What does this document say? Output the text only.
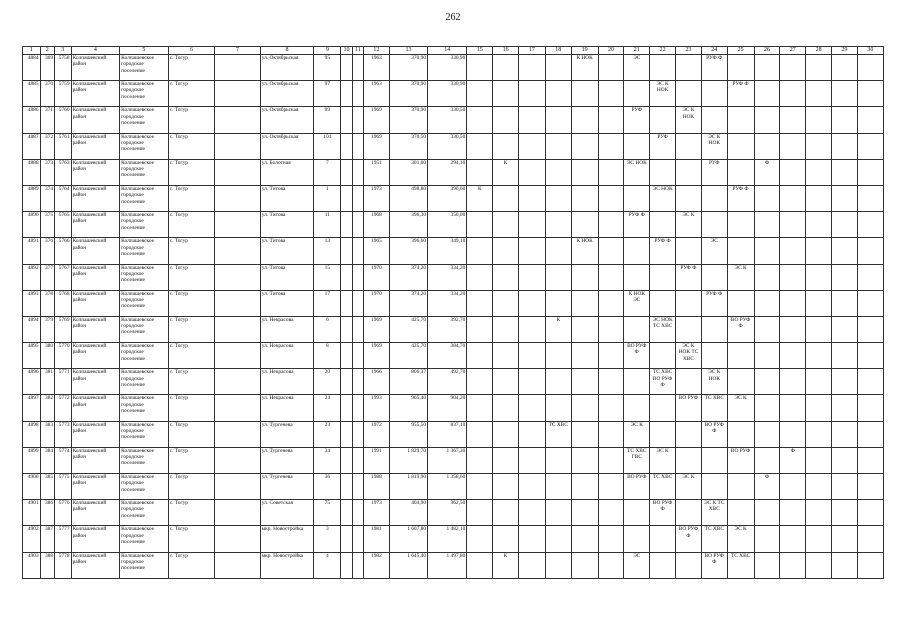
262
1	2	3	4	5	6	7	8	9	10	11	12	13	14	15	16	17	18	19	20	21	22	23	24	25	26	27	28	29	30
4884	369	5758	Колпашевский район	Колпашевское городское поселение	с. Тогур		ул. Октябрьская	95			1963	370,90	330,90					К НОК		ЭС			РУФ Ф						
4885	370	5759	Колпашевский район	Колпашевское городское поселение	с. Тогур		ул. Октябрьская	97			1963	370,90	330,90								ЭС К НОК			РУФ Ф					
4886	371	5760	Колпашевский район	Колпашевское городское поселение	с. Тогур		ул. Октябрьская	99			1969	370,90	330,50							РУФ		ЭС К НОК							
4887	372	5761	Колпашевский район	Колпашевское городское поселение	с. Тогур		ул. Октябрьская	101			1969	370,50	330,50								РУФ		ЭС К НОК						
4888	373	5763	Колпашевский район	Колпашевское городское поселение	с. Тогур		ул. Болотная	7			1951	301,00	294,10		К					ЭС НОК			РУФ		Ф				
4889	374	5764	Колпашевский район	Колпашевское городское поселение	с. Тогур		ул. Титова	1			1973	498,80	390,60	К							ЭС НОК			РУФ Ф					
4890	375	5765	Колпашевский район	Колпашевское городское поселение	с. Тогур		ул. Титова	11			1968	396,30	350,00							РУФ Ф		ЭС К							
4891	376	5766	Колпашевский район	Колпашевское городское поселение	с. Тогур		ул. Титова	13			1965	396,60	349,10					К НОК			РУФ Ф		ЭС						
4892	377	5767	Колпашевский район	Колпашевское городское поселение	с. Тогур		ул. Титова	15			1970	374,20	334,20									РУФ Ф		ЭС К					
4893	378	5768	Колпашевский район	Колпашевское городское поселение	с. Тогур		ул. Титова	17			1970	374,20	334,20							К НОК ЭС			РУФ Ф						
4894	379	5769	Колпашевский район	Колпашевское городское поселение	с. Тогур		ул. Некрасова	6			1969	425,70	392,70				К				ЭС НОК ТС ХВС			ВО РУФ Ф					
4895	380	5770	Колпашевский район	Колпашевское городское поселение	с. Тогур		ул. Некрасова	8			1969	425,70	384,70							ВО РУФ Ф		ЭС К НОК ТС ХВС							
4896	381	5771	Колпашевский район	Колпашевское городское поселение	с. Тогур		ул. Некрасова	20			1966	806,37	492,70								ТС ХВС ВО РУФ Ф		ЭС К НОК						
4897	382	5772	Колпашевский район	Колпашевское городское поселение	с. Тогур		ул. Некрасова	24			1993	965,40	904,20									ВО РУФ	ТС ХВС	ЭС К					
4898	383	5773	Колпашевский район	Колпашевское городское поселение	с. Тогур		ул. Тургенева	23			1972	955,50	837,10				ТС ХВС			ЭС К			ВО РУФ Ф						
4899	384	5774	Колпашевский район	Колпашевское городское поселение	с. Тогур		ул. Тургенева	34			1991	1 829,70	1 367,30							ТС ХВС ГВС	ЭС К			ВО РУФ		Ф			
4900	385	5775	Колпашевский район	Колпашевское городское поселение	с. Тогур		ул. Тургенева	36			1988	1 819,90	1 358,60							ВО РУФ	ТС ХВС	ЭС К			Ф				
4901	386	5776	Колпашевский район	Колпашевское городское поселение	с. Тогур		ул. Советская	75			1973	404,90	362,50								ВО РУФ Ф		ЭС К ТС ХВС						
4902	387	5777	Колпашевский район	Колпашевское городское поселение	с. Тогур		мкр. Новостройка	3			1981	1 607,80	1 482,10									ВО РУФ Ф	ТС ХВС	ЭС К					
4903	388	5778	Колпашевский район	Колпашевское городское поселение	с. Тогур		мкр. Новостройка	4			1982	1 645,40	1 497,80		К					ЭС			ВО РУФ Ф	ТС ХВС					
